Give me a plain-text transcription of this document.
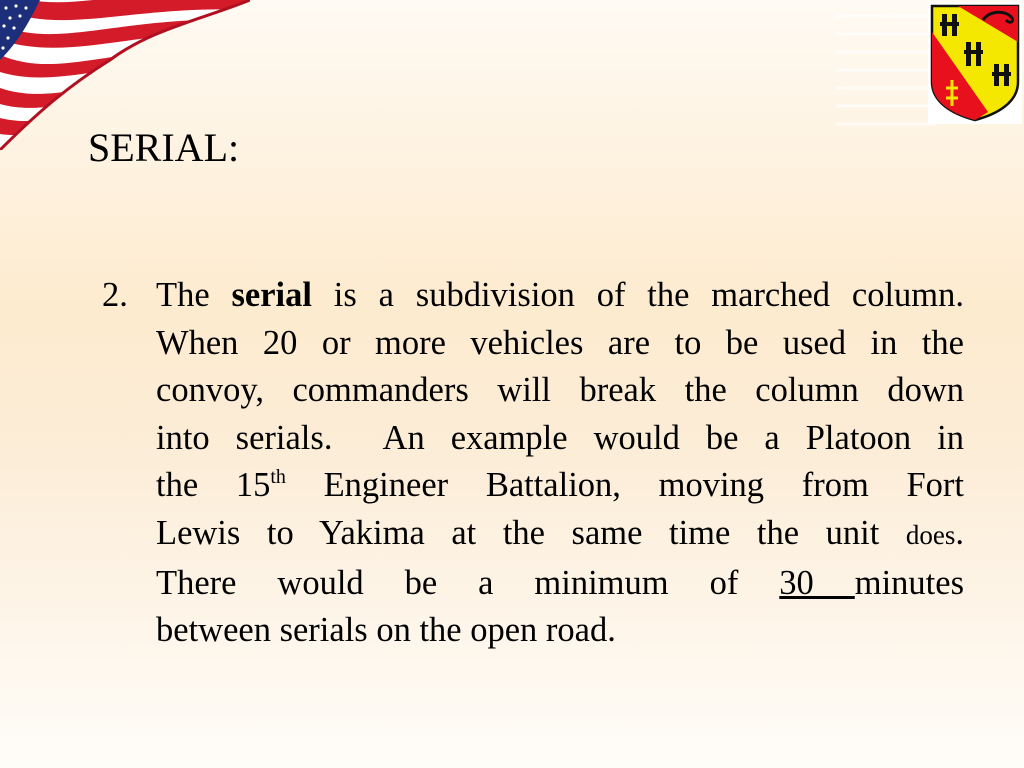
SERIAL:
2. The serial is a subdivision of the marched column.
When 20 or more vehicles are to be used in the
convoy, commanders will break the column down
into serials.  An example would be a Platoon in
the 15th Engineer Battalion, moving from Fort
Lewis to Yakima at the same time the unit does.
There would be a minimum of 30 minutes
between serials on the open road.
